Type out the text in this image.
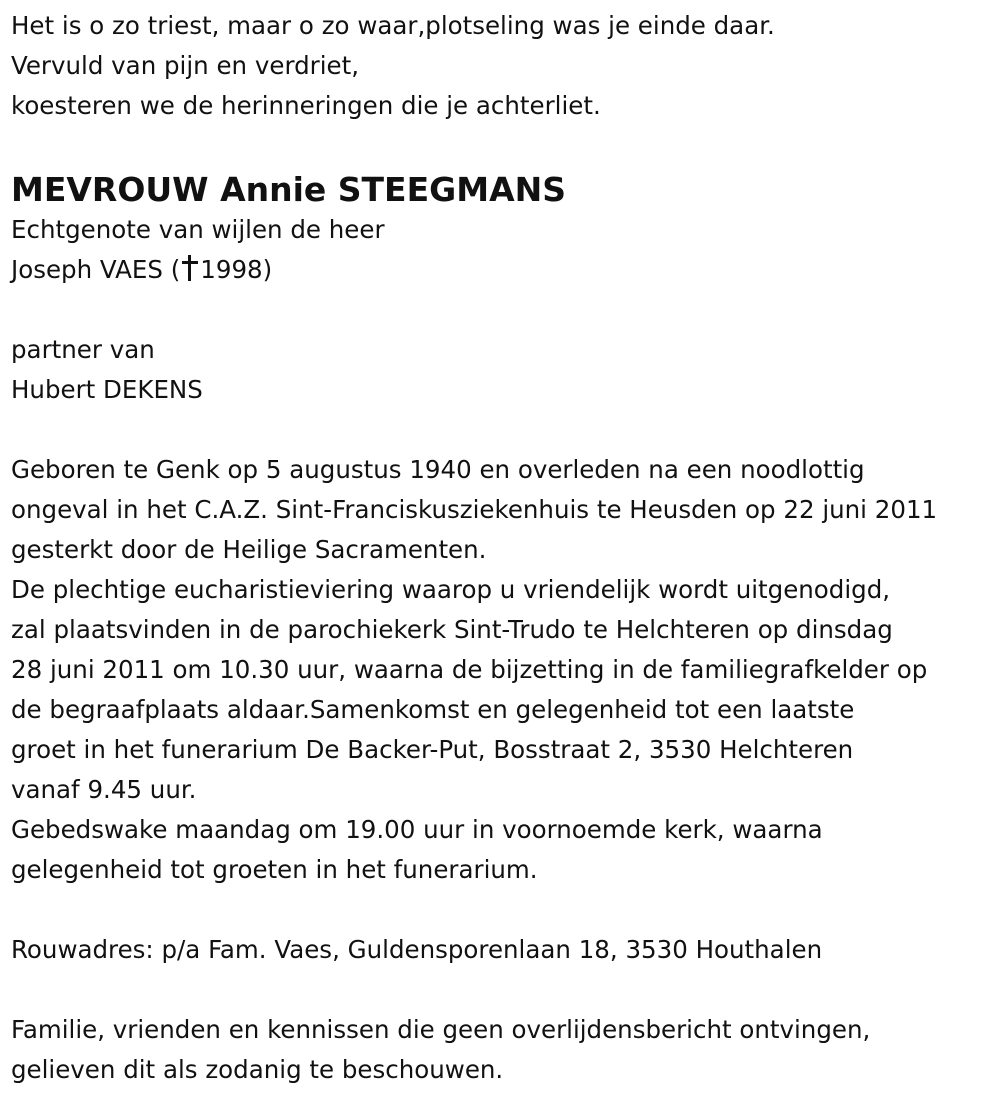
Het is o zo triest, maar o zo waar,plotseling was je einde daar.
Vervuld van pijn en verdriet,
koesteren we de herinneringen die je achterliet.
MEVROUW Annie STEEGMANS
Echtgenote van wijlen de heer
Joseph VAES ( 1998)
partner van
Hubert DEKENS
Geboren te Genk op 5 augustus 1940 en overleden na een noodlottig
ongeval in het C.A.Z. Sint-Franciskusziekenhuis te Heusden op 22 juni 2011
gesterkt door de Heilige Sacramenten.
De plechtige eucharistieviering waarop u vriendelijk wordt uitgenodigd,
zal plaatsvinden in de parochiekerk Sint-Trudo te Helchteren op dinsdag
28 juni 2011 om 10.30 uur, waarna de bijzetting in de familiegrafkelder op
de begraafplaats aldaar.Samenkomst en gelegenheid tot een laatste
groet in het funerarium De Backer-Put, Bosstraat 2, 3530 Helchteren
vanaf 9.45 uur.
Gebedswake maandag om 19.00 uur in voornoemde kerk, waarna
gelegenheid tot groeten in het funerarium.
Rouwadres: p/a Fam. Vaes, Guldensporenlaan 18, 3530 Houthalen
Familie, vrienden en kennissen die geen overlijdensbericht ontvingen,
gelieven dit als zodanig te beschouwen.
